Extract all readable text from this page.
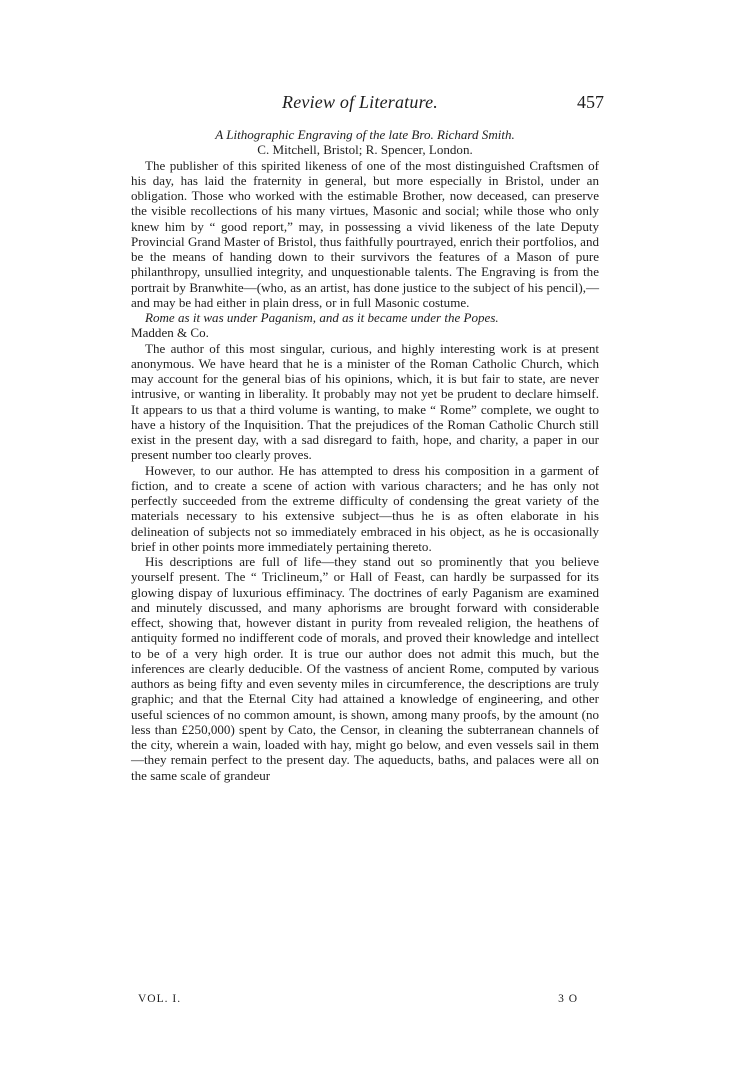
Review of Literature.	457

A Lithographic Engraving of the late Bro. Richard Smith.

C. Mitchell, Bristol; R. Spencer, London.

The publisher of this spirited likeness of one of the most distinguished Craftsmen of his day, has laid the fraternity in general, but more especially in Bristol, under an obligation. Those who worked with the estimable Brother, now deceased, can preserve the visible recollections of his many virtues, Masonic and social; while those who only knew him by “ good report,” may, in possessing a vivid likeness of the late Deputy Provincial Grand Master of Bristol, thus faithfully pourtrayed, enrich their portfolios, and be the means of handing down to their survivors the features of a Mason of pure philanthropy, unsullied integrity, and unquestionable talents. The Engraving is from the portrait by Branwhite—(who, as an artist, has done justice to the subject of his pencil),—and may be had either in plain dress, or in full Masonic costume.

Rome as it was under Paganism, and as it became under the Popes.

Madden & Co.

The author of this most singular, curious, and highly interesting work is at present anonymous. We have heard that he is a minister of the Roman Catholic Church, which may account for the general bias of his opinions, which, it is but fair to state, are never intrusive, or wanting in liberality. It probably may not yet be prudent to declare himself. It appears to us that a third volume is wanting, to make “ Rome” complete, we ought to have a history of the Inquisition. That the prejudices of the Roman Catholic Church still exist in the present day, with a sad disregard to faith, hope, and charity, a paper in our present number too clearly proves.

However, to our author. He has attempted to dress his composition in a garment of fiction, and to create a scene of action with various characters; and he has only not perfectly succeeded from the extreme difficulty of condensing the great variety of the materials necessary to his extensive subject—thus he is as often elaborate in his delineation of subjects not so immediately embraced in his object, as he is occasionally brief in other points more immediately pertaining thereto.

His descriptions are full of life—they stand out so prominently that you believe yourself present. The “ Triclineum,” or Hall of Feast, can hardly be surpassed for its glowing dispay of luxurious effiminacy. The doctrines of early Paganism are examined and minutely discussed, and many aphorisms are brought forward with considerable effect, showing that, however distant in purity from revealed religion, the heathens of antiquity formed no indifferent code of morals, and proved their knowledge and intellect to be of a very high order. It is true our author does not admit this much, but the inferences are clearly deducible. Of the vastness of ancient Rome, computed by various authors as being fifty and even seventy miles in circumference, the descriptions are truly graphic; and that the Eternal City had attained a knowledge of engineering, and other useful sciences of no common amount, is shown, among many proofs, by the amount (no less than £250,000) spent by Cato, the Censor, in cleaning the subterranean channels of the city, wherein a wain, loaded with hay, might go below, and even vessels sail in them—they remain perfect to the present day. The aqueducts, baths, and palaces were all on the same scale of grandeur

VOL. I.	3 O
